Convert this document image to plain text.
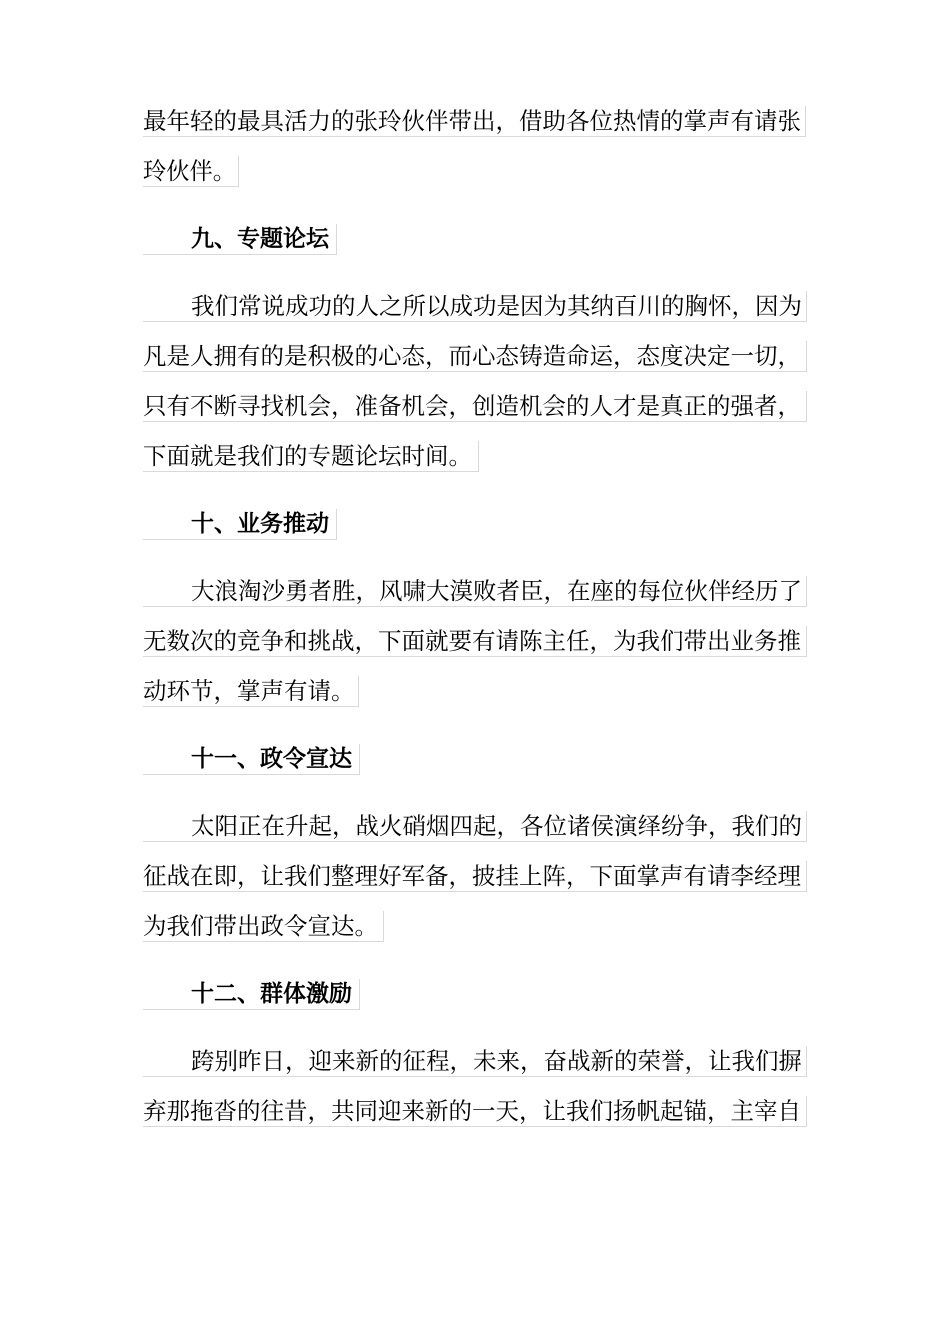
最年轻的最具活力的张玲伙伴带出，借助各位热情的掌声有请张
玲伙伴。
九、专题论坛
我们常说成功的人之所以成功是因为其纳百川的胸怀，因为
凡是人拥有的是积极的心态，而心态铸造命运，态度决定一切，
只有不断寻找机会，准备机会，创造机会的人才是真正的强者，
下面就是我们的专题论坛时间。
十、业务推动
大浪淘沙勇者胜，风啸大漠败者臣，在座的每位伙伴经历了
无数次的竞争和挑战，下面就要有请陈主任，为我们带出业务推
动环节，掌声有请。
十一、政令宣达
太阳正在升起，战火硝烟四起，各位诸侯演绎纷争，我们的
征战在即，让我们整理好军备，披挂上阵，下面掌声有请李经理
为我们带出政令宣达。
十二、群体激励
跨别昨日，迎来新的征程，未来，奋战新的荣誉，让我们摒
弃那拖沓的往昔，共同迎来新的一天，让我们扬帆起锚，主宰自
